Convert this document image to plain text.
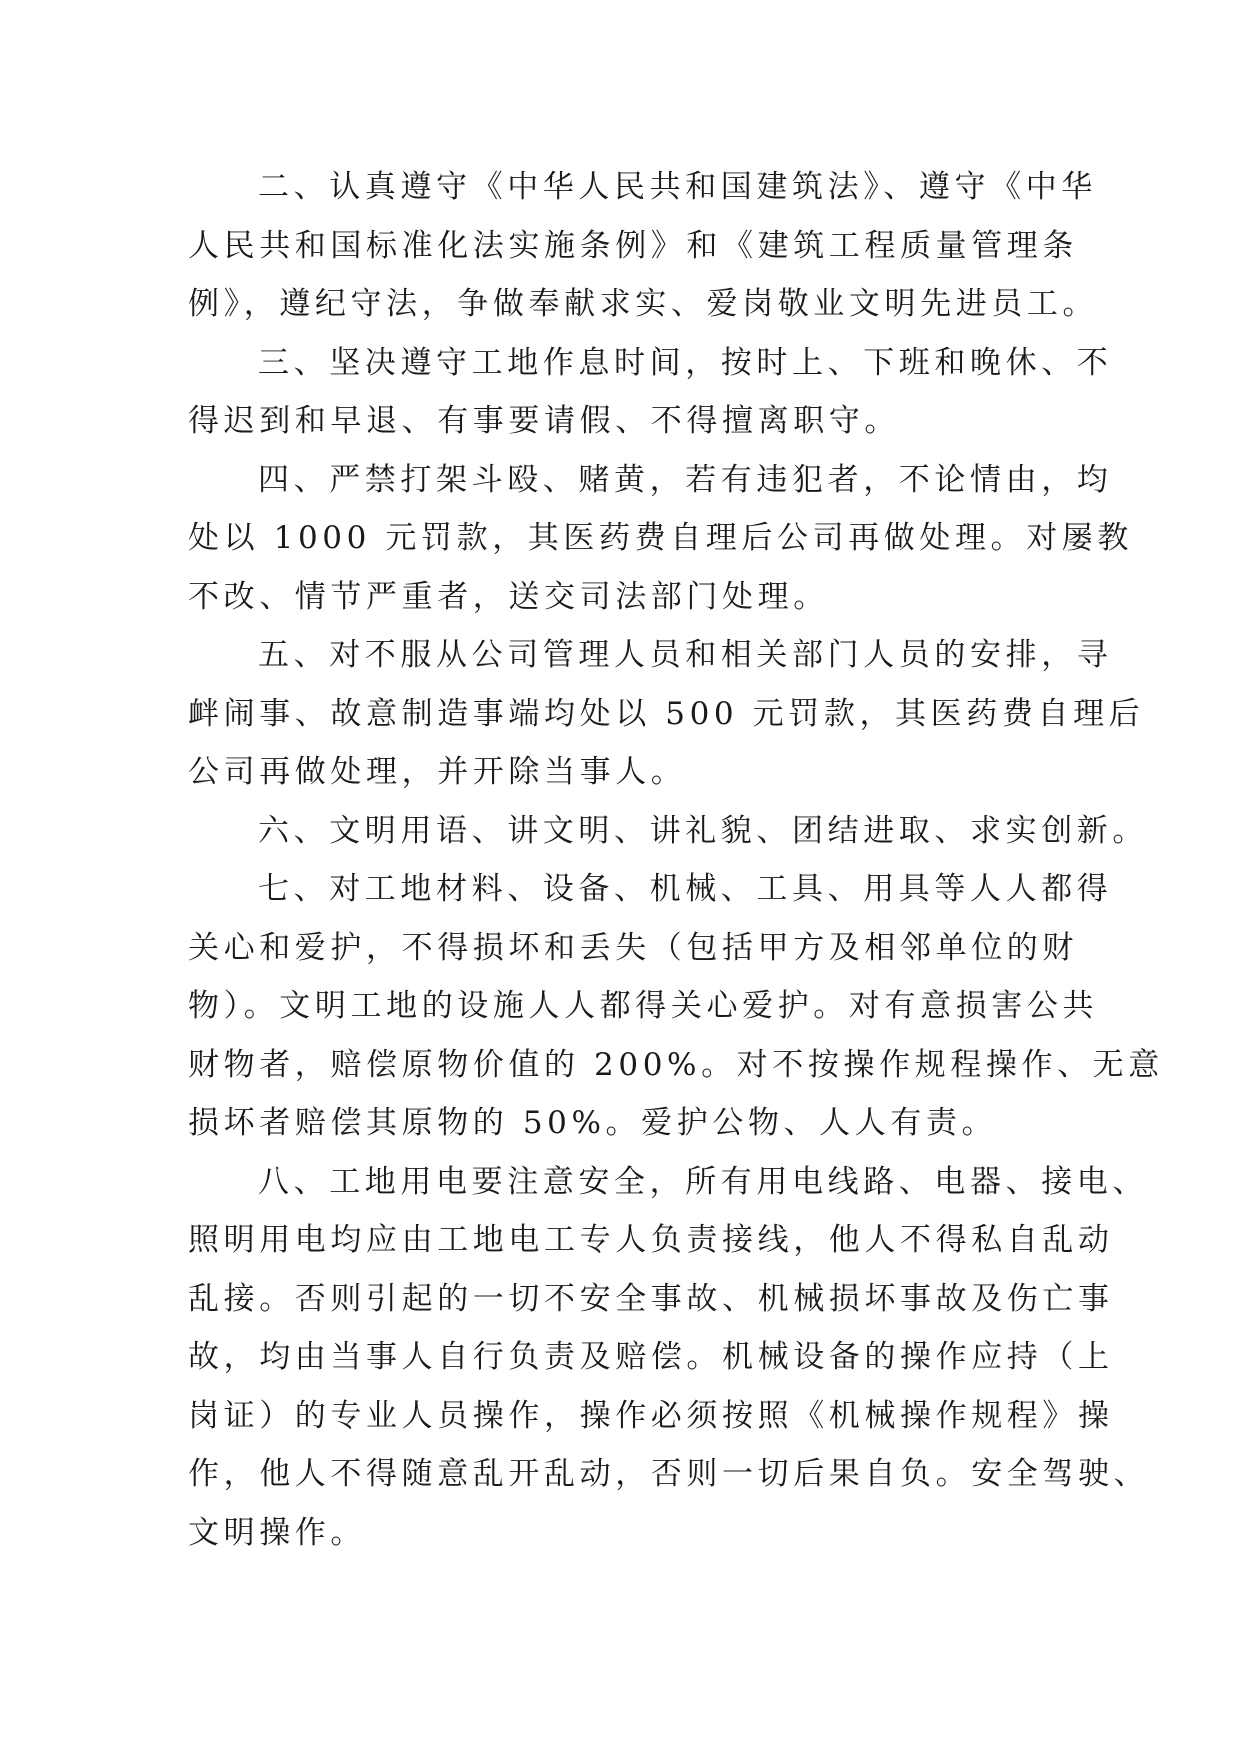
二、认真遵守《中华人民共和国建筑法》、遵守《中华
人民共和国标准化法实施条例》和《建筑工程质量管理条
例》，遵纪守法，争做奉献求实、爱岗敬业文明先进员工。
三、坚决遵守工地作息时间，按时上、下班和晚休、不
得迟到和早退、有事要请假、不得擅离职守。
四、严禁打架斗殴、赌黄，若有违犯者，不论情由，均
处以 1000 元罚款，其医药费自理后公司再做处理。对屡教
不改、情节严重者，送交司法部门处理。
五、对不服从公司管理人员和相关部门人员的安排，寻
衅闹事、故意制造事端均处以 500 元罚款，其医药费自理后
公司再做处理，并开除当事人。
六、文明用语、讲文明、讲礼貌、团结进取、求实创新。
七、对工地材料、设备、机械、工具、用具等人人都得
关心和爱护，不得损坏和丢失（包括甲方及相邻单位的财
物）。文明工地的设施人人都得关心爱护。对有意损害公共
财物者，赔偿原物价值的 200%。对不按操作规程操作、无意
损坏者赔偿其原物的 50%。爱护公物、人人有责。
八、工地用电要注意安全，所有用电线路、电器、接电、
照明用电均应由工地电工专人负责接线，他人不得私自乱动
乱接。否则引起的一切不安全事故、机械损坏事故及伤亡事
故，均由当事人自行负责及赔偿。机械设备的操作应持（上
岗证）的专业人员操作，操作必须按照《机械操作规程》操
作，他人不得随意乱开乱动，否则一切后果自负。安全驾驶、
文明操作。
